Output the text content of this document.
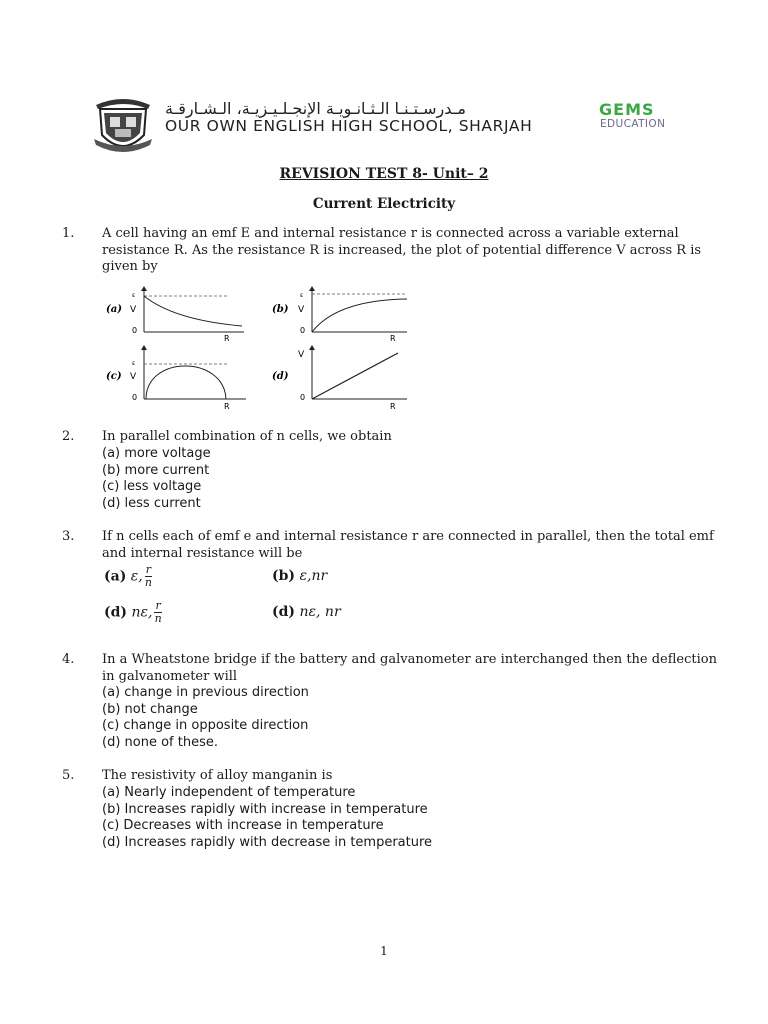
مـدرسـتـنـا الـثـانـويـة الإنجـلـيـزيـة، الـشـارقـة
OUR OWN ENGLISH HIGH SCHOOL, SHARJAH
GEMS
EDUCATION
REVISION TEST 8- Unit– 2
Current Electricity
1. A cell having an emf E and internal resistance r is connected across a variable external
resistance R. As the resistance R is increased, the plot of potential difference V across R is
given by
(a) V
ε
0
R
(b) V
ε
0
R
(c) V
ε
0
R
(d)
V
0
R
2. In parallel combination of n cells, we obtain
(a) more voltage
(b) more current
(c) less voltage
(d) less current
3. If n cells each of emf e and internal resistance r are connected in parallel, then the total emf
and internal resistance will be
(a) ε, $\frac{r}{n}$	(b) ε,nr
(d) nε, $\frac{r}{n}$	(d) nε, nr
4. In a Wheatstone bridge if the battery and galvanometer are interchanged then the deflection
in galvanometer will
(a) change in previous direction
(b) not change
(c) change in opposite direction
(d) none of these.
5. The resistivity of alloy manganin is
(a) Nearly independent of temperature
(b) Increases rapidly with increase in temperature
(c) Decreases with increase in temperature
(d) Increases rapidly with decrease in temperature
1
